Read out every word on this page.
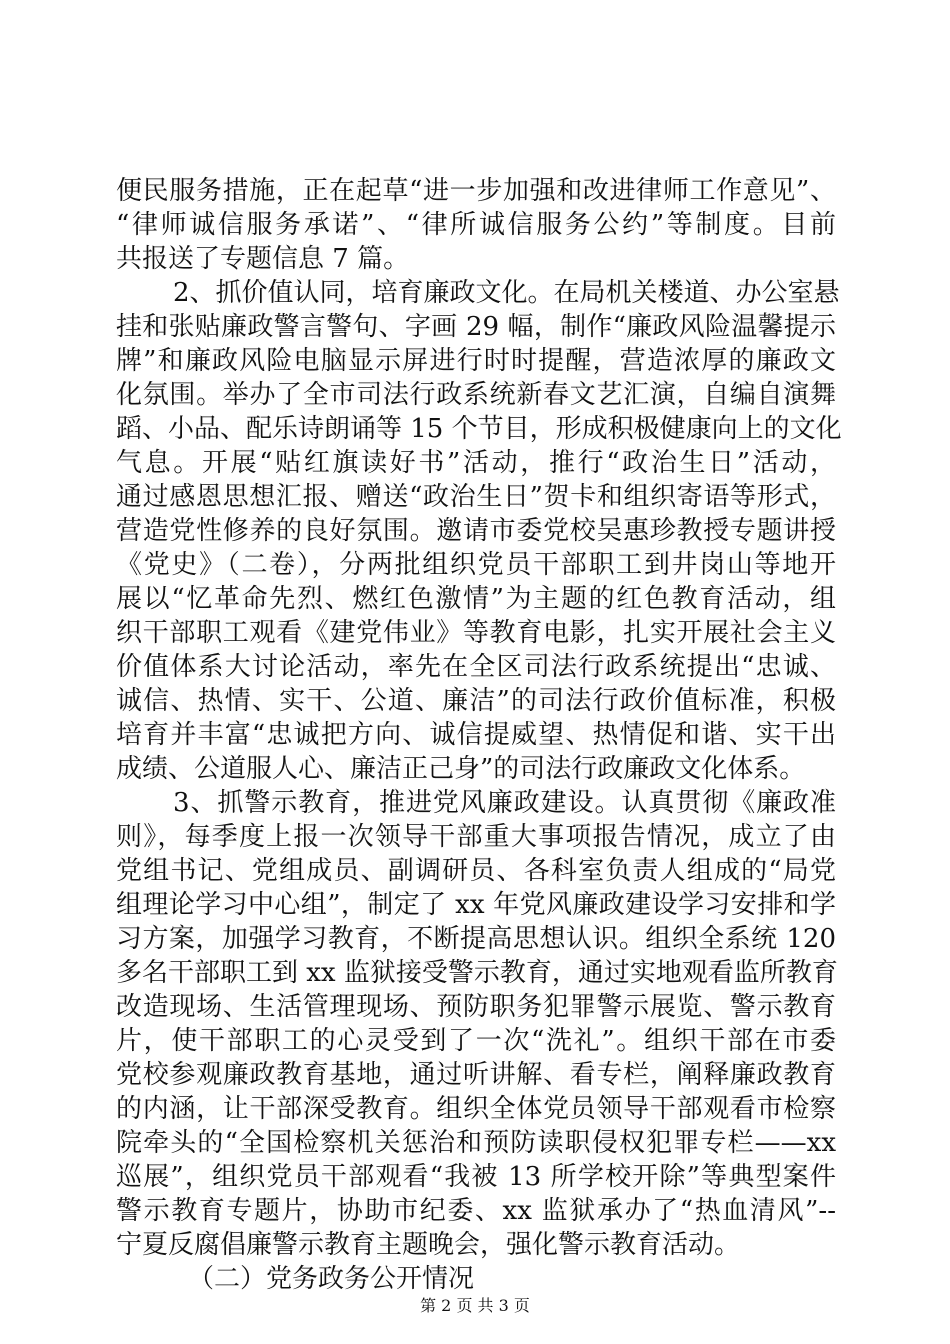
便民服务措施，正在起草“进一步加强和改进律师工作意见”、
“律师诚信服务承诺”、“律所诚信服务公约”等制度。目前
共报送了专题信息 7 篇。
2、抓价值认同，培育廉政文化。在局机关楼道、办公室悬
挂和张贴廉政警言警句、字画 29 幅，制作“廉政风险温馨提示
牌”和廉政风险电脑显示屏进行时时提醒，营造浓厚的廉政文
化氛围。举办了全市司法行政系统新春文艺汇演，自编自演舞
蹈、小品、配乐诗朗诵等 15 个节目，形成积极健康向上的文化
气息。开展“贴红旗读好书”活动，推行“政治生日”活动，
通过感恩思想汇报、赠送“政治生日”贺卡和组织寄语等形式，
营造党性修养的良好氛围。邀请市委党校吴惠珍教授专题讲授
《党史》（二卷），分两批组织党员干部职工到井岗山等地开
展以“忆革命先烈、燃红色激情”为主题的红色教育活动，组
织干部职工观看《建党伟业》等教育电影，扎实开展社会主义
价值体系大讨论活动，率先在全区司法行政系统提出“忠诚、
诚信、热情、实干、公道、廉洁”的司法行政价值标准，积极
培育并丰富“忠诚把方向、诚信提威望、热情促和谐、实干出
成绩、公道服人心、廉洁正己身”的司法行政廉政文化体系。
3、抓警示教育，推进党风廉政建设。认真贯彻《廉政准
则》，每季度上报一次领导干部重大事项报告情况，成立了由
党组书记、党组成员、副调研员、各科室负责人组成的“局党
组理论学习中心组”，制定了 xx 年党风廉政建设学习安排和学
习方案，加强学习教育，不断提高思想认识。组织全系统 120
多名干部职工到 xx 监狱接受警示教育，通过实地观看监所教育
改造现场、生活管理现场、预防职务犯罪警示展览、警示教育
片，使干部职工的心灵受到了一次“洗礼”。组织干部在市委
党校参观廉政教育基地，通过听讲解、看专栏，阐释廉政教育
的内涵，让干部深受教育。组织全体党员领导干部观看市检察
院牵头的“全国检察机关惩治和预防读职侵权犯罪专栏——xx
巡展”，组织党员干部观看“我被 13 所学校开除”等典型案件
警示教育专题片，协助市纪委、xx 监狱承办了“热血清风”--
宁夏反腐倡廉警示教育主题晚会，强化警示教育活动。
（二）党务政务公开情况
第 2 页 共 3 页
